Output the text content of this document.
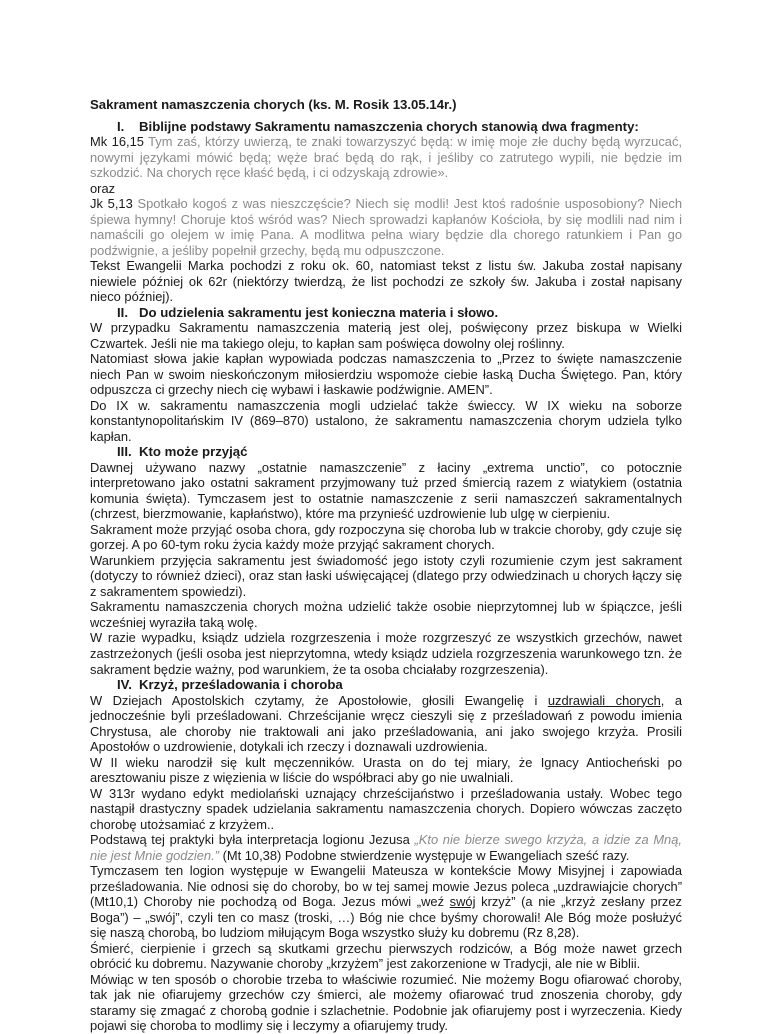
Sakrament namaszczenia chorych (ks. M. Rosik 13.05.14r.)
I. Biblijne podstawy Sakramentu namaszczenia chorych stanowią dwa fragmenty:

Mk 16,15 Tym zaś, którzy uwierzą, te znaki towarzyszyć będą: w imię moje złe duchy będą wyrzucać, nowymi językami mówić będą; węże brać będą do rąk, i jeśliby co zatrutego wypili, nie będzie im szkodzić. Na chorych ręce kłaść będą, i ci odzyskają zdrowie».

oraz

Jk 5,13 Spotkało kogoś z was nieszczęście? Niech się modli! Jest ktoś radośnie usposobiony? Niech śpiewa hymny! Choruje ktoś wśród was? Niech sprowadzi kapłanów Kościoła, by się modlili nad nim i namaścili go olejem w imię Pana. A modlitwa pełna wiary będzie dla chorego ratunkiem i Pan go podźwignie, a jeśliby popełnił grzechy, będą mu odpuszczone.

Tekst Ewangelii Marka pochodzi z roku ok. 60, natomiast tekst z listu św. Jakuba został napisany niewiele później ok 62r (niektórzy twierdzą, że list pochodzi ze szkoły św. Jakuba i został napisany nieco później).

II. Do udzielenia sakramentu jest konieczna materia i słowo.

W przypadku Sakramentu namaszczenia materią jest olej, poświęcony przez biskupa w Wielki Czwartek. Jeśli nie ma takiego oleju, to kapłan sam poświęca dowolny olej roślinny.

Natomiast słowa jakie kapłan wypowiada podczas namaszczenia to „Przez to święte namaszczenie niech Pan w swoim nieskończonym miłosierdziu wspomoże ciebie łaską Ducha Świętego. Pan, który odpuszcza ci grzechy niech cię wybawi i łaskawie podźwignie. AMEN”.

Do IX w. sakramentu namaszczenia mogli udzielać także świeccy. W IX wieku na soborze konstantynopolitańskim IV (869–870) ustalono, że sakramentu namaszczenia chorym udziela tylko kapłan.

III. Kto może przyjąć

Dawnej używano nazwy „ostatnie namaszczenie” z łaciny „extrema unctio”, co potocznie interpretowano jako ostatni sakrament przyjmowany tuż przed śmiercią razem z wiatykiem (ostatnia komunia święta). Tymczasem jest to ostatnie namaszczenie z serii namaszczeń sakramentalnych (chrzest, bierzmowanie, kapłaństwo), które ma przynieść uzdrowienie lub ulgę w cierpieniu.

Sakrament może przyjąć osoba chora, gdy rozpoczyna się choroba lub w trakcie choroby, gdy czuje się gorzej. A po 60-tym roku życia każdy może przyjąć sakrament chorych.

Warunkiem przyjęcia sakramentu jest świadomość jego istoty czyli rozumienie czym jest sakrament (dotyczy to również dzieci), oraz stan łaski uświęcającej (dlatego przy odwiedzinach u chorych łączy się z sakramentem spowiedzi).

Sakramentu namaszczenia chorych można udzielić także osobie nieprzytomnej lub w śpiączce, jeśli wcześniej wyraziła taką wolę.

W razie wypadku, ksiądz udziela rozgrzeszenia i może rozgrzeszyć ze wszystkich grzechów, nawet zastrzeżonych (jeśli osoba jest nieprzytomna, wtedy ksiądz udziela rozgrzeszenia warunkowego tzn. że sakrament będzie ważny, pod warunkiem, że ta osoba chciałaby rozgrzeszenia).

IV. Krzyż, prześladowania i choroba

W Dziejach Apostolskich czytamy, że Apostołowie, głosili Ewangelię i uzdrawiali chorych, a jednocześnie byli prześladowani. Chrześcijanie wręcz cieszyli się z prześladowań z powodu imienia Chrystusa, ale choroby nie traktowali ani jako prześladowania, ani jako swojego krzyża. Prosili Apostołów o uzdrowienie, dotykali ich rzeczy i doznawali uzdrowienia.

W II wieku narodził się kult męczenników. Urasta on do tej miary, że Ignacy Antiocheński po aresztowaniu pisze z więzienia w liście do współbraci aby go nie uwalniali.

W 313r wydano edykt mediolański uznający chrześcijaństwo i prześladowania ustały. Wobec tego nastąpił drastyczny spadek udzielania sakramentu namaszczenia chorych. Dopiero wówczas zaczęto chorobę utożsamiać z krzyżem..

Podstawą tej praktyki była interpretacja logionu Jezusa „Kto nie bierze swego krzyża, a idzie za Mną, nie jest Mnie godzien.” (Mt 10,38) Podobne stwierdzenie występuje w Ewangeliach sześć razy.

Tymczasem ten logion występuje w Ewangelii Mateusza w kontekście Mowy Misyjnej i zapowiada prześladowania. Nie odnosi się do choroby, bo w tej samej mowie Jezus poleca „uzdrawiajcie chorych” (Mt10,1) Choroby nie pochodzą od Boga. Jezus mówi „weź swój krzyż” (a nie „krzyż zesłany przez Boga”) – „swój”, czyli ten co masz (troski, …) Bóg nie chce byśmy chorowali! Ale Bóg może posłużyć się naszą chorobą, bo ludziom miłującym Boga wszystko służy ku dobremu (Rz 8,28).

Śmierć, cierpienie i grzech są skutkami grzechu pierwszych rodziców, a Bóg może nawet grzech obrócić ku dobremu. Nazywanie choroby „krzyżem” jest zakorzenione w Tradycji, ale nie w Biblii.

Mówiąc w ten sposób o chorobie trzeba to właściwie rozumieć. Nie możemy Bogu ofiarować choroby, tak jak nie ofiarujemy grzechów czy śmierci, ale możemy ofiarować trud znoszenia choroby, gdy staramy się zmagać z chorobą godnie i szlachetnie. Podobnie jak ofiarujemy post i wyrzeczenia. Kiedy pojawi się choroba to modlimy się i leczymy a ofiarujemy trudy.
